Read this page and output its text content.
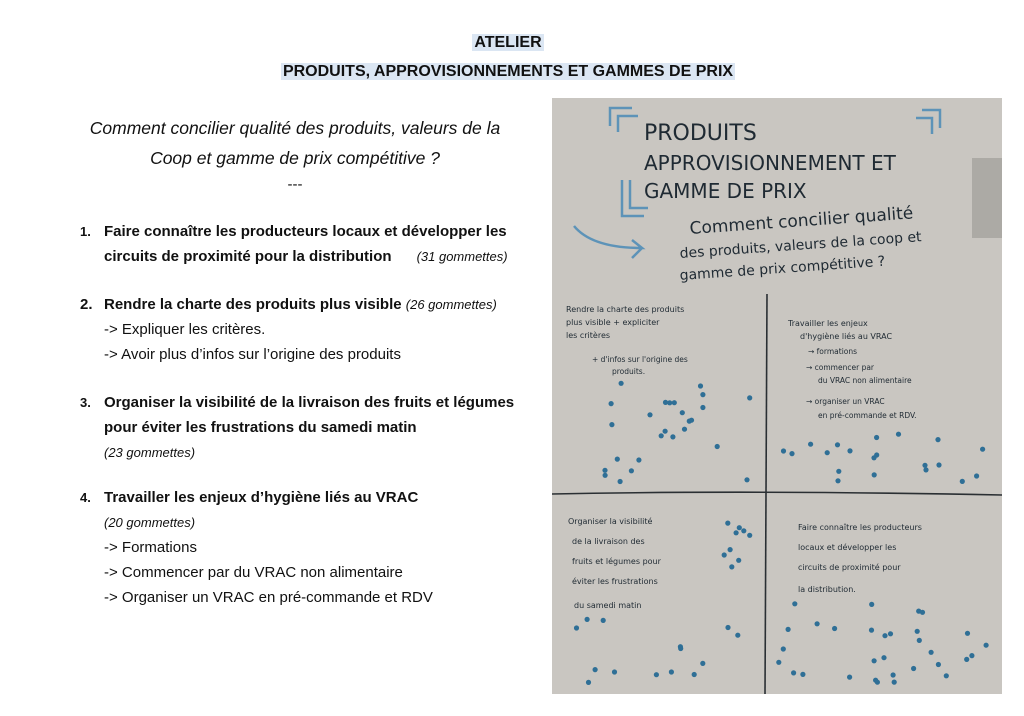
ATELIER
PRODUITS, APPROVISIONNEMENTS ET GAMMES DE PRIX
Comment concilier qualité des produits, valeurs de la
Coop et gamme de prix compétitive ?
---
1. Faire connaître les producteurs locaux et développer les
circuits de proximité pour la distribution (31 gommettes)
2. Rendre la charte des produits plus visible (26 gommettes)
-> Expliquer les critères.
-> Avoir plus d’infos sur l’origine des produits
3. Organiser la visibilité de la livraison des fruits et légumes
pour éviter les frustrations du samedi matin
(23 gommettes)
4. Travailler les enjeux d’hygiène liés au VRAC
(20 gommettes)
-> Formations
-> Commencer par du VRAC non alimentaire
-> Organiser un VRAC en pré-commande et RDV
PRODUITS
APPROVISIONNEMENT ET
GAMME DE PRIX
Comment concilier qualité
des produits, valeurs de la coop et
gamme de prix compétitive ?
Rendre la charte des produits
plus visible + expliciter
les critères
+ d'infos sur l'origine des
produits.
Travailler les enjeux
d'hygiène liés au VRAC
→ formations
→ commencer par
du VRAC non alimentaire
→ organiser un VRAC
en pré-commande et RDV.
Organiser la visibilité
de la livraison des
fruits et légumes pour
éviter les frustrations
du samedi matin
Faire connaître les producteurs
locaux et développer les
circuits de proximité pour
la distribution.
